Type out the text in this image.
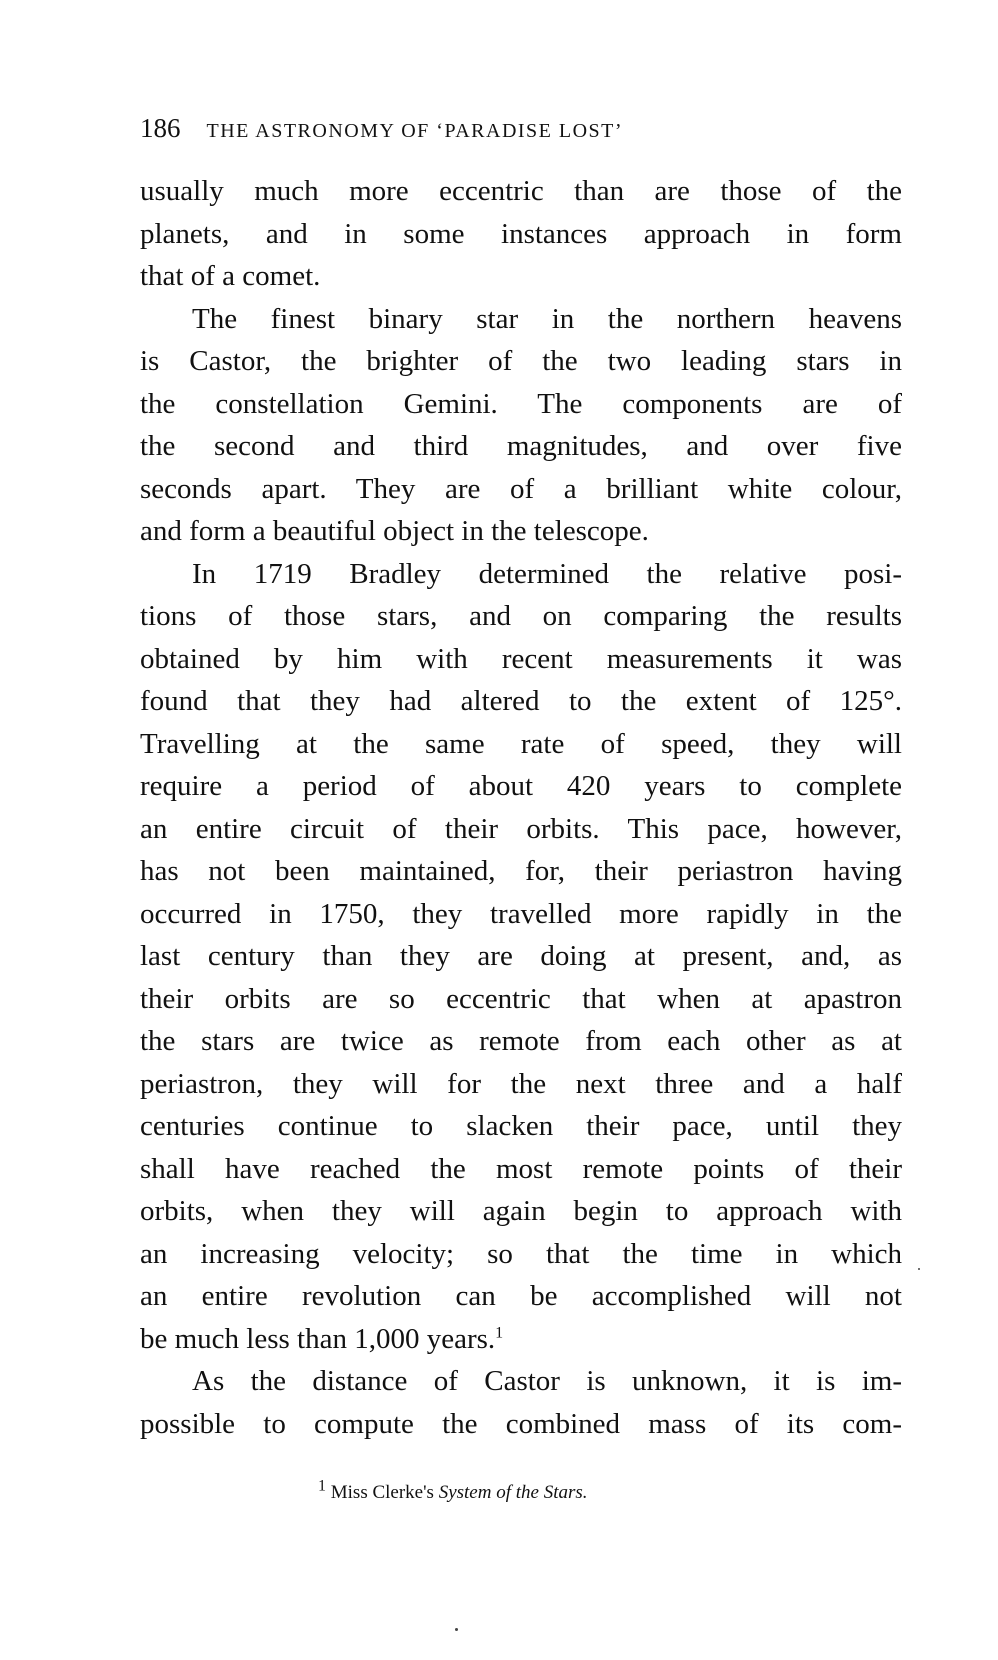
186 THE ASTRONOMY OF ‘PARADISE LOST’
usually much more eccentric than are those of the
planets, and in some instances approach in form
that of a comet.
The finest binary star in the northern heavens
is Castor, the brighter of the two leading stars in
the constellation Gemini. The components are of
the second and third magnitudes, and over five
seconds apart. They are of a brilliant white colour,
and form a beautiful object in the telescope.
In 1719 Bradley determined the relative posi-
tions of those stars, and on comparing the results
obtained by him with recent measurements it was
found that they had altered to the extent of 125°.
Travelling at the same rate of speed, they will
require a period of about 420 years to complete
an entire circuit of their orbits. This pace, however,
has not been maintained, for, their periastron having
occurred in 1750, they travelled more rapidly in the
last century than they are doing at present, and, as
their orbits are so eccentric that when at apastron
the stars are twice as remote from each other as at
periastron, they will for the next three and a half
centuries continue to slacken their pace, until they
shall have reached the most remote points of their
orbits, when they will again begin to approach with
an increasing velocity; so that the time in which
an entire revolution can be accomplished will not
be much less than 1,000 years.$^1$
As the distance of Castor is unknown, it is im-
possible to compute the combined mass of its com-
$^1$ Miss Clerke's System of the Stars.
